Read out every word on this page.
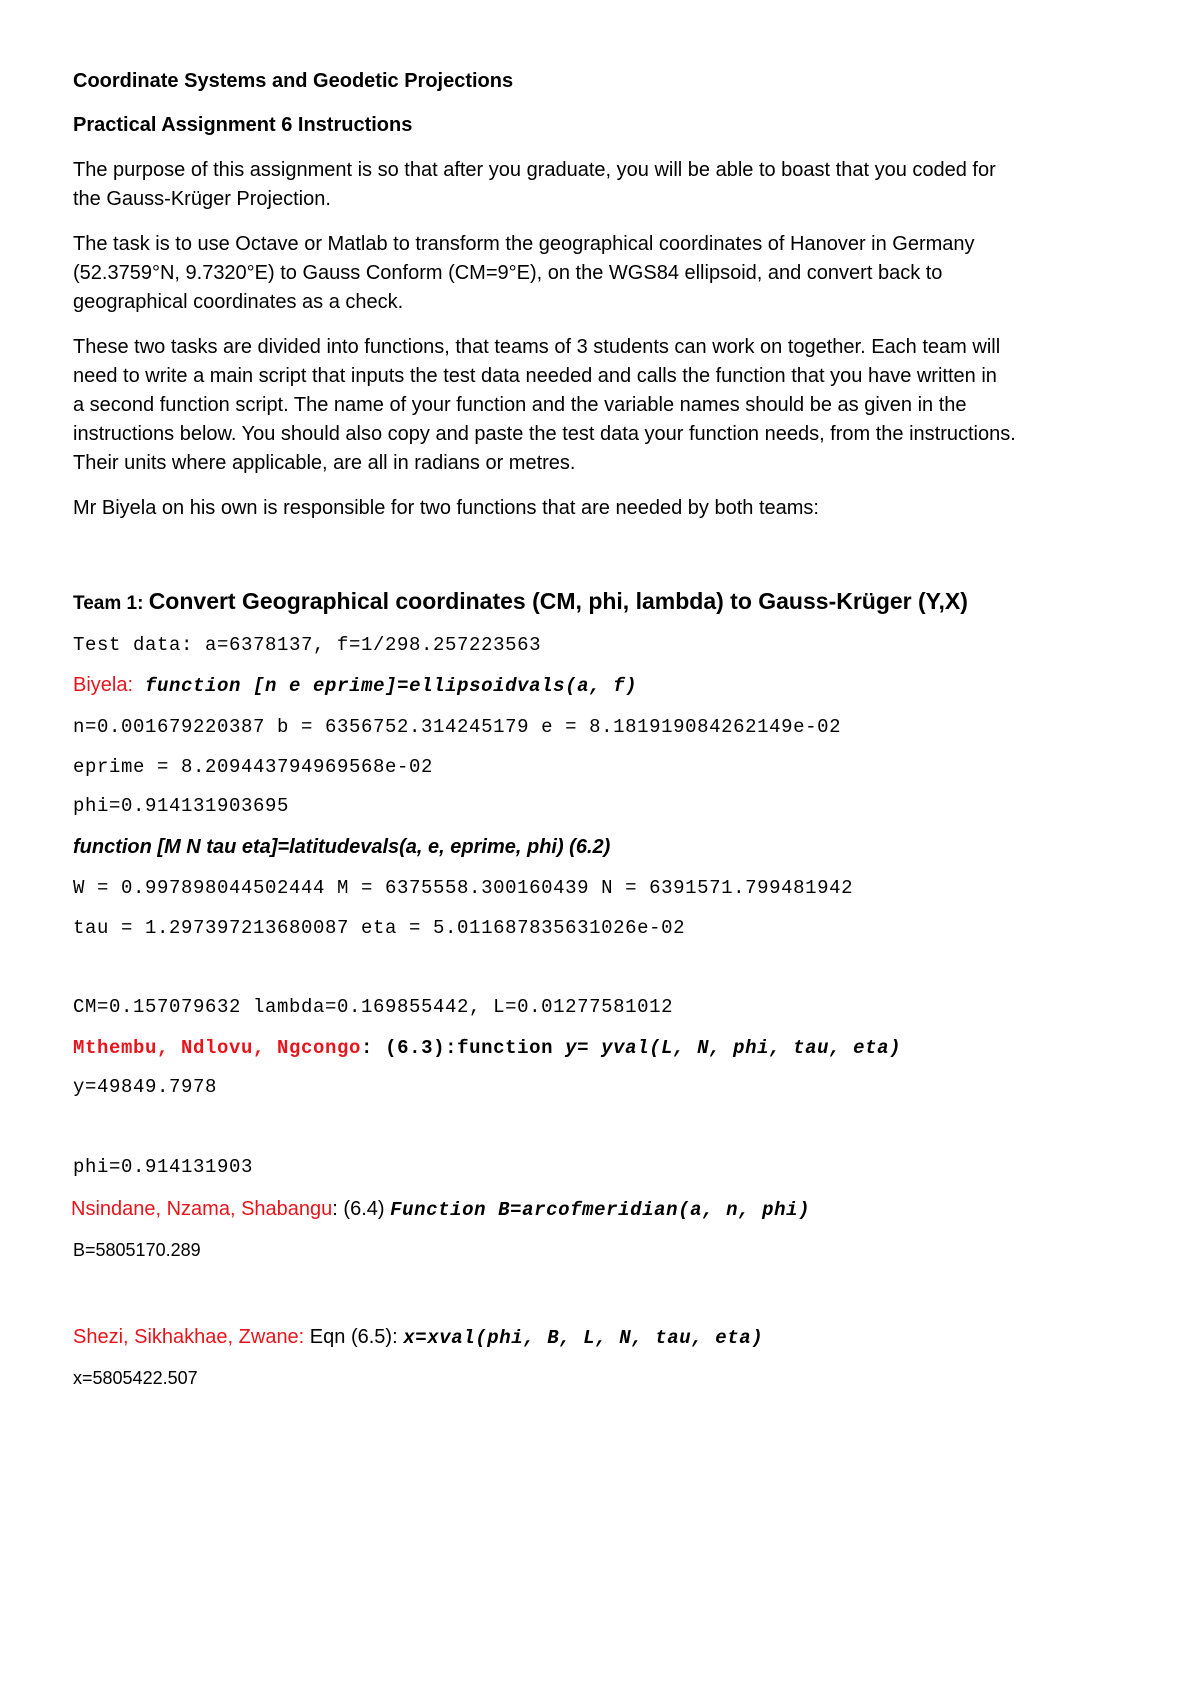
Coordinate Systems and Geodetic Projections
Practical Assignment 6 Instructions
The purpose of this assignment is so that after you graduate, you will be able to boast that you coded for
the Gauss-Krüger Projection.
The task is to use Octave or Matlab to transform the geographical coordinates of Hanover in Germany
(52.3759°N, 9.7320°E) to Gauss Conform (CM=9°E), on the WGS84 ellipsoid, and convert back to
geographical coordinates as a check.
These two tasks are divided into functions, that teams of 3 students can work on together. Each team will
need to write a main script that inputs the test data needed and calls the function that you have written in
a second function script. The name of your function and the variable names should be as given in the
instructions below. You should also copy and paste the test data your function needs, from the instructions.
Their units where applicable, are all in radians or metres.
Mr Biyela on his own is responsible for two functions that are needed by both teams:
Team 1: Convert Geographical coordinates (CM, phi, lambda) to Gauss-Krüger (Y,X)
Test data: a=6378137, f=1/298.257223563
Biyela: function [n e eprime]=ellipsoidvals(a, f)
n=0.001679220387 b = 6356752.314245179 e = 8.181919084262149e-02
eprime = 8.209443794969568e-02
phi=0.914131903695
function [M N tau eta]=latitudevals(a, e, eprime, phi) (6.2)
W = 0.997898044502444 M = 6375558.300160439 N = 6391571.799481942
tau = 1.297397213680087 eta = 5.011687835631026e-02
CM=0.157079632 lambda=0.169855442, L=0.01277581012
Mthembu, Ndlovu, Ngcongo: (6.3):function y= yval(L, N, phi, tau, eta)
y=49849.7978
phi=0.914131903
Nsindane, Nzama, Shabangu: (6.4) Function B=arcofmeridian(a, n, phi)
B=5805170.289
Shezi, Sikhakhae, Zwane: Eqn (6.5): x=xval(phi, B, L, N, tau, eta)
x=5805422.507
